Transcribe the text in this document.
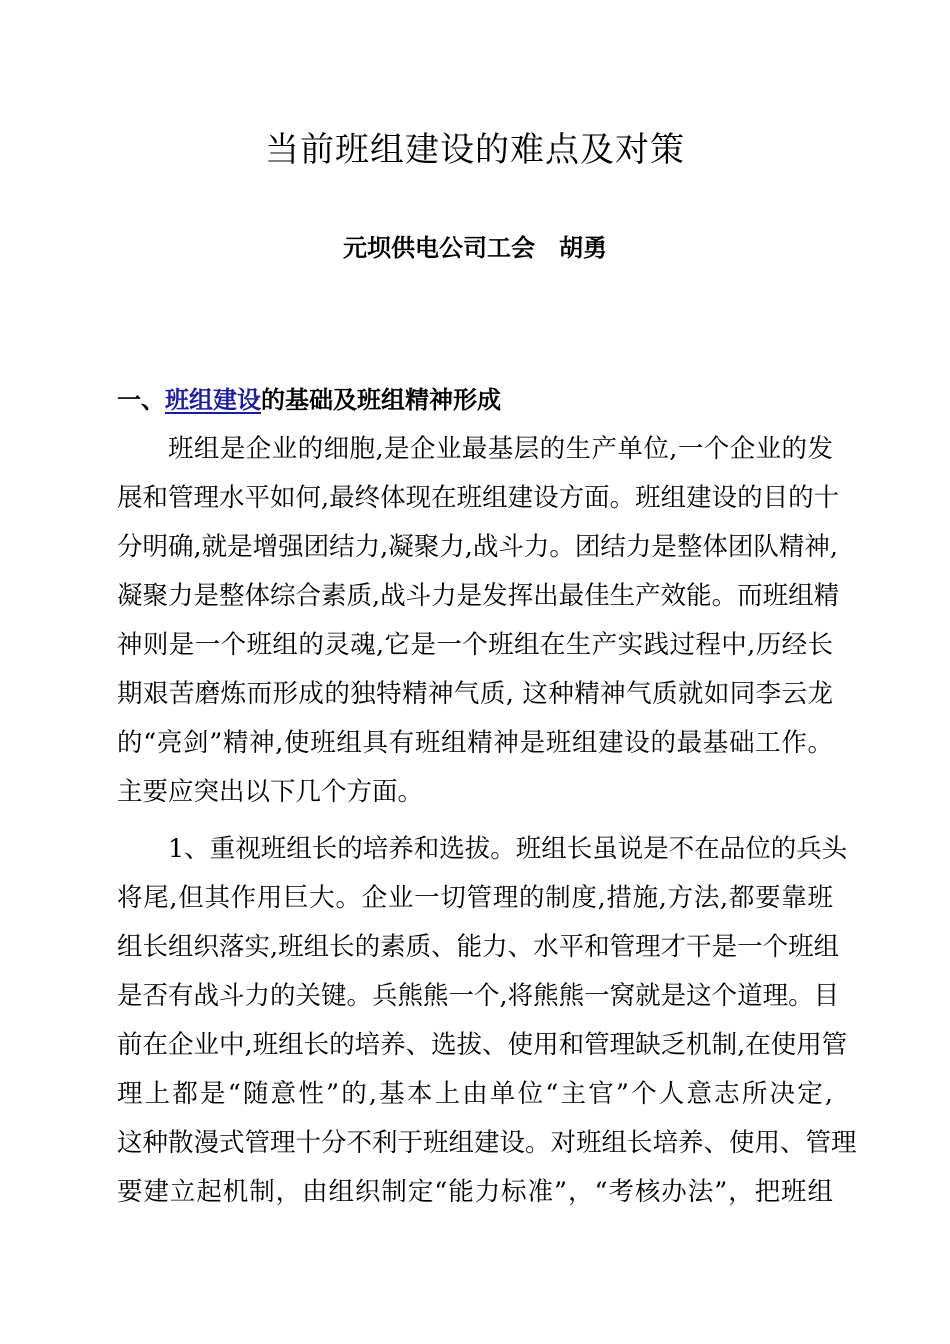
当前班组建设的难点及对策

元坝供电公司工会　胡勇

一、班组建设的基础及班组精神形成

班组是企业的细胞,是企业最基层的生产单位,一个企业的发
展和管理水平如何,最终体现在班组建设方面。班组建设的目的十
分明确,就是增强团结力,凝聚力,战斗力。团结力是整体团队精神,
凝聚力是整体综合素质,战斗力是发挥出最佳生产效能。而班组精
神则是一个班组的灵魂,它是一个班组在生产实践过程中,历经长
期艰苦磨炼而形成的独特精神气质, 这种精神气质就如同李云龙
的“亮剑”精神,使班组具有班组精神是班组建设的最基础工作。
主要应突出以下几个方面。
1、重视班组长的培养和选拔。班组长虽说是不在品位的兵头
将尾,但其作用巨大。企业一切管理的制度,措施,方法,都要靠班
组长组织落实,班组长的素质、能力、水平和管理才干是一个班组
是否有战斗力的关键。兵熊熊一个,将熊熊一窝就是这个道理。目
前在企业中,班组长的培养、选拔、使用和管理缺乏机制,在使用管
理上都是“随意性”的,基本上由单位“主官”个人意志所决定,
这种散漫式管理十分不利于班组建设。对班组长培养、使用、管理
要建立起机制，由组织制定“能力标准”，“考核办法”，把班组
